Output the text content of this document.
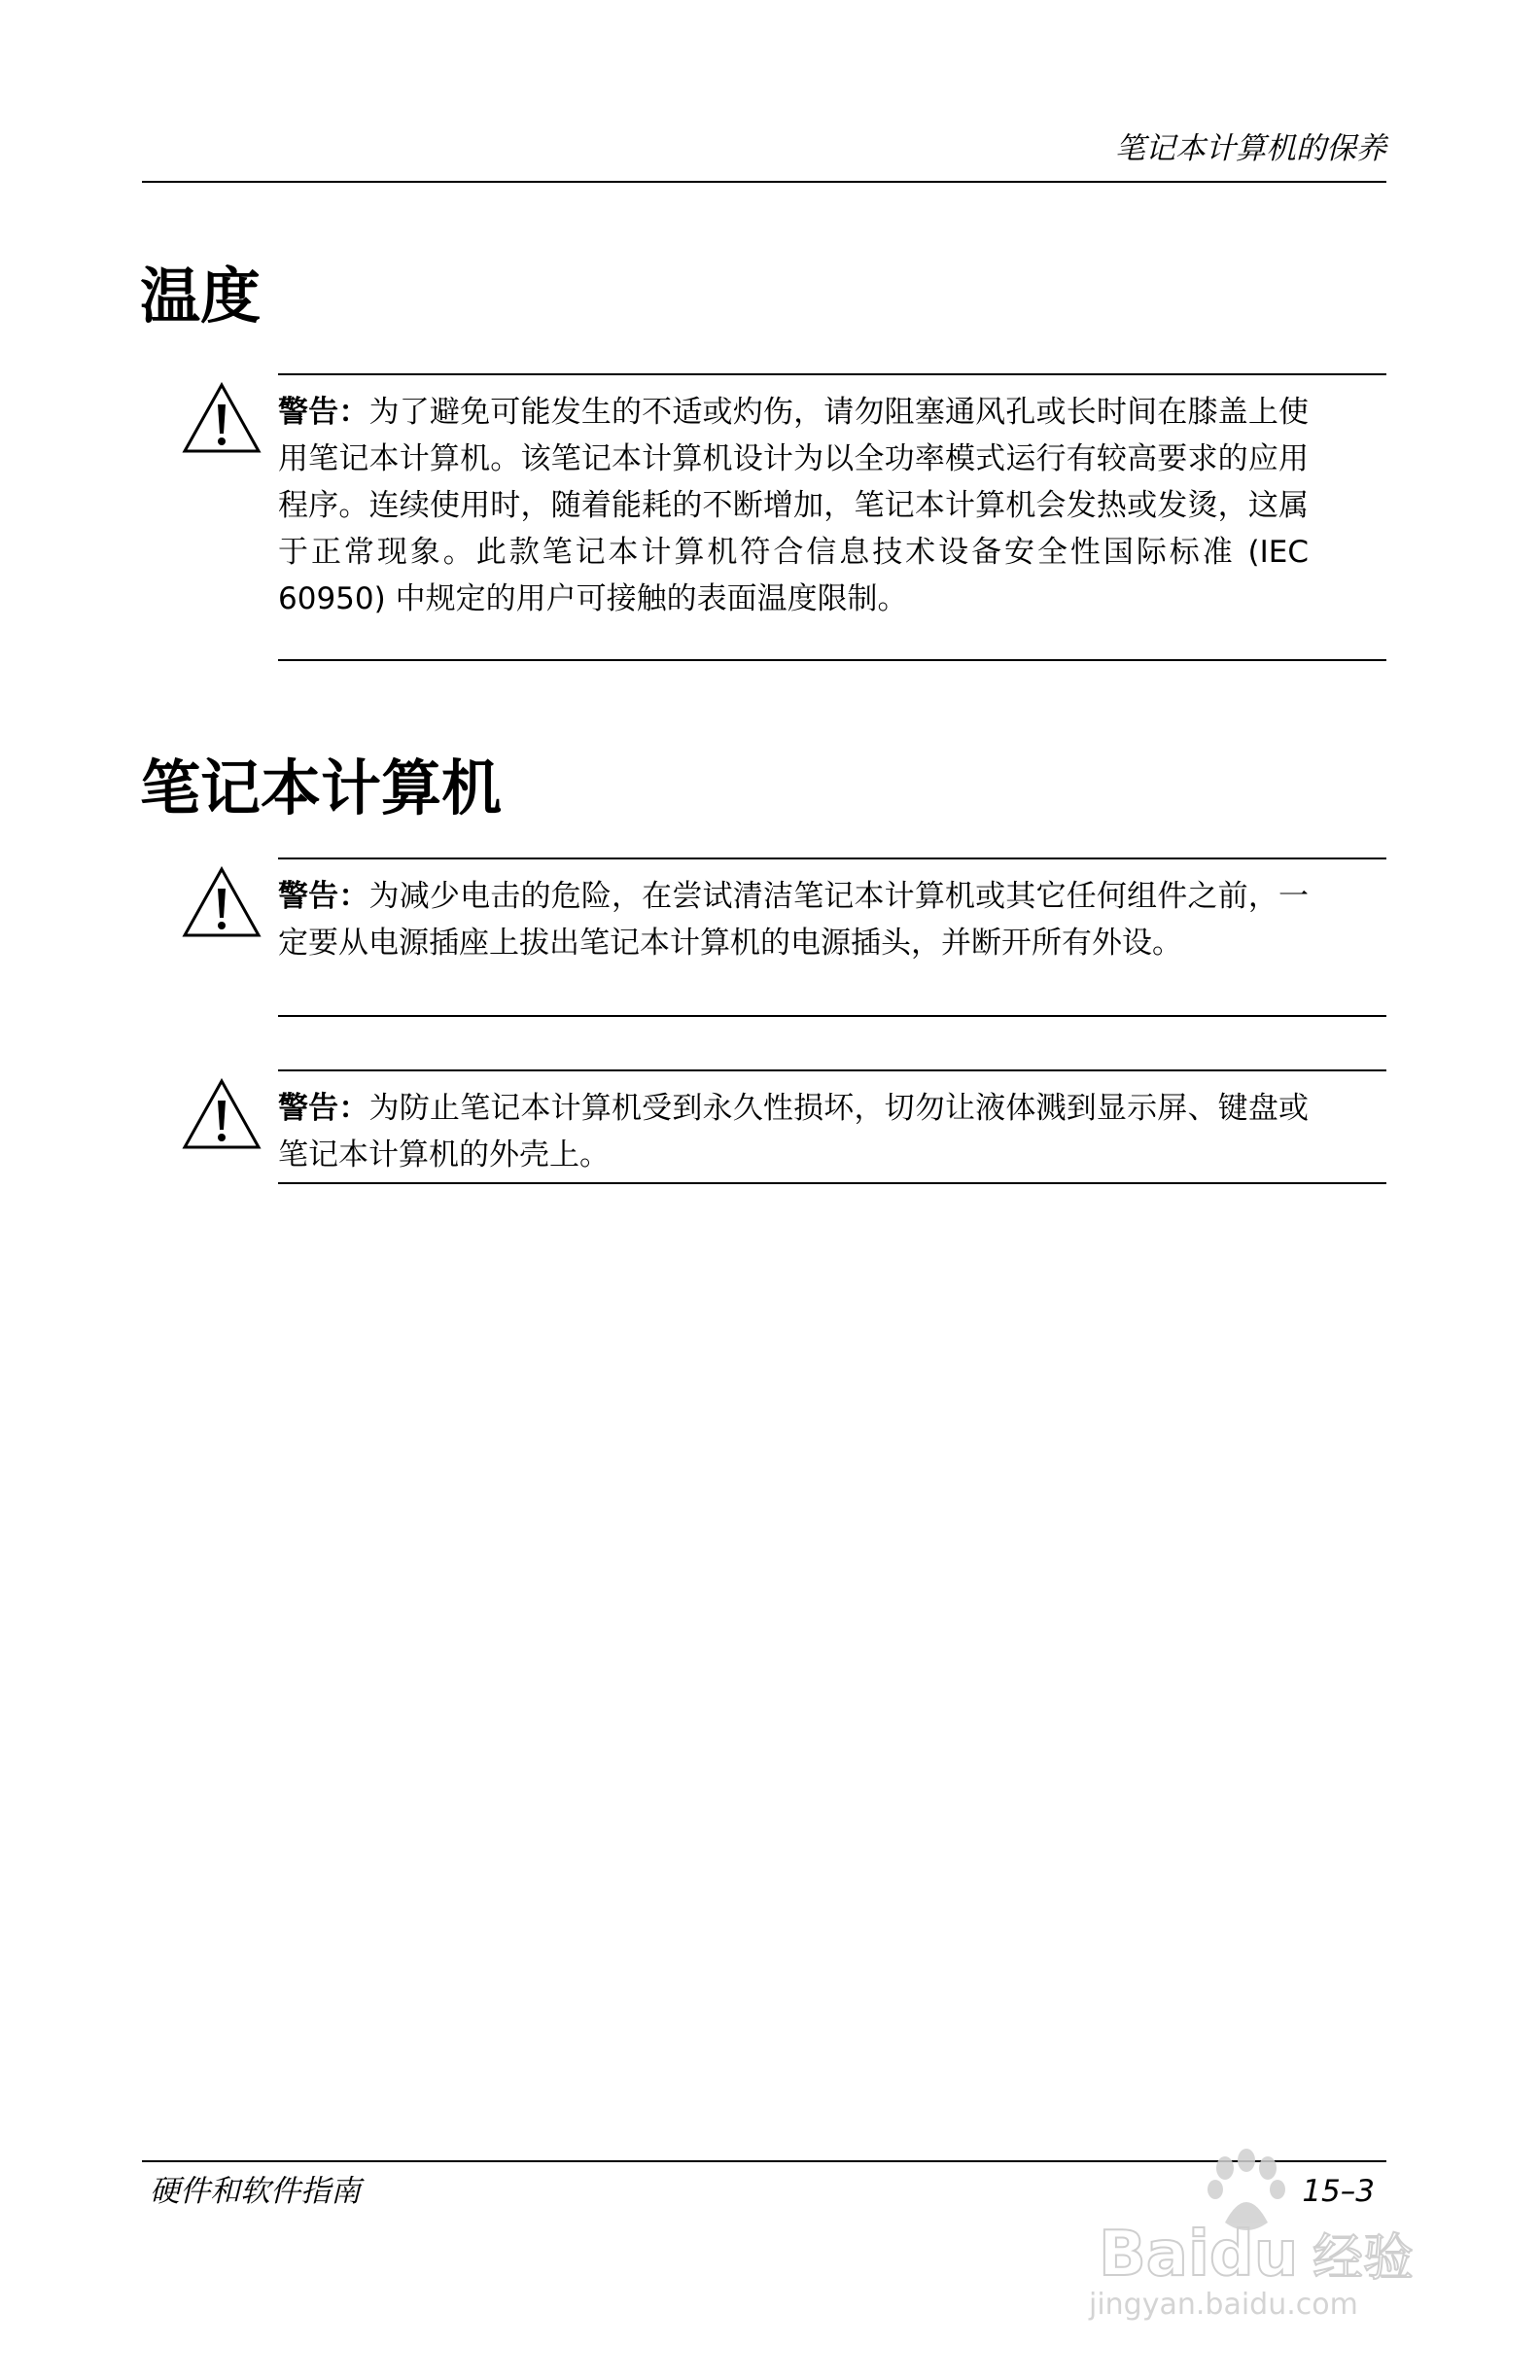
笔记本计算机的保养
温度

警告：为了避免可能发生的不适或灼伤，请勿阻塞通风孔或长时间在膝盖上使用笔记本计算机。该笔记本计算机设计为以全功率模式运行有较高要求的应用程序。连续使用时，随着能耗的不断增加，笔记本计算机会发热或发烫，这属于正常现象。此款笔记本计算机符合信息技术设备安全性国际标准 (IEC 60950) 中规定的用户可接触的表面温度限制。

笔记本计算机

警告：为减少电击的危险，在尝试清洁笔记本计算机或其它任何组件之前，一定要从电源插座上拔出笔记本计算机的电源插头，并断开所有外设。

警告：为防止笔记本计算机受到永久性损坏，切勿让液体溅到显示屏、键盘或笔记本计算机的外壳上。

硬件和软件指南	15–3
Baidu 经验
jingyan.baidu.com
